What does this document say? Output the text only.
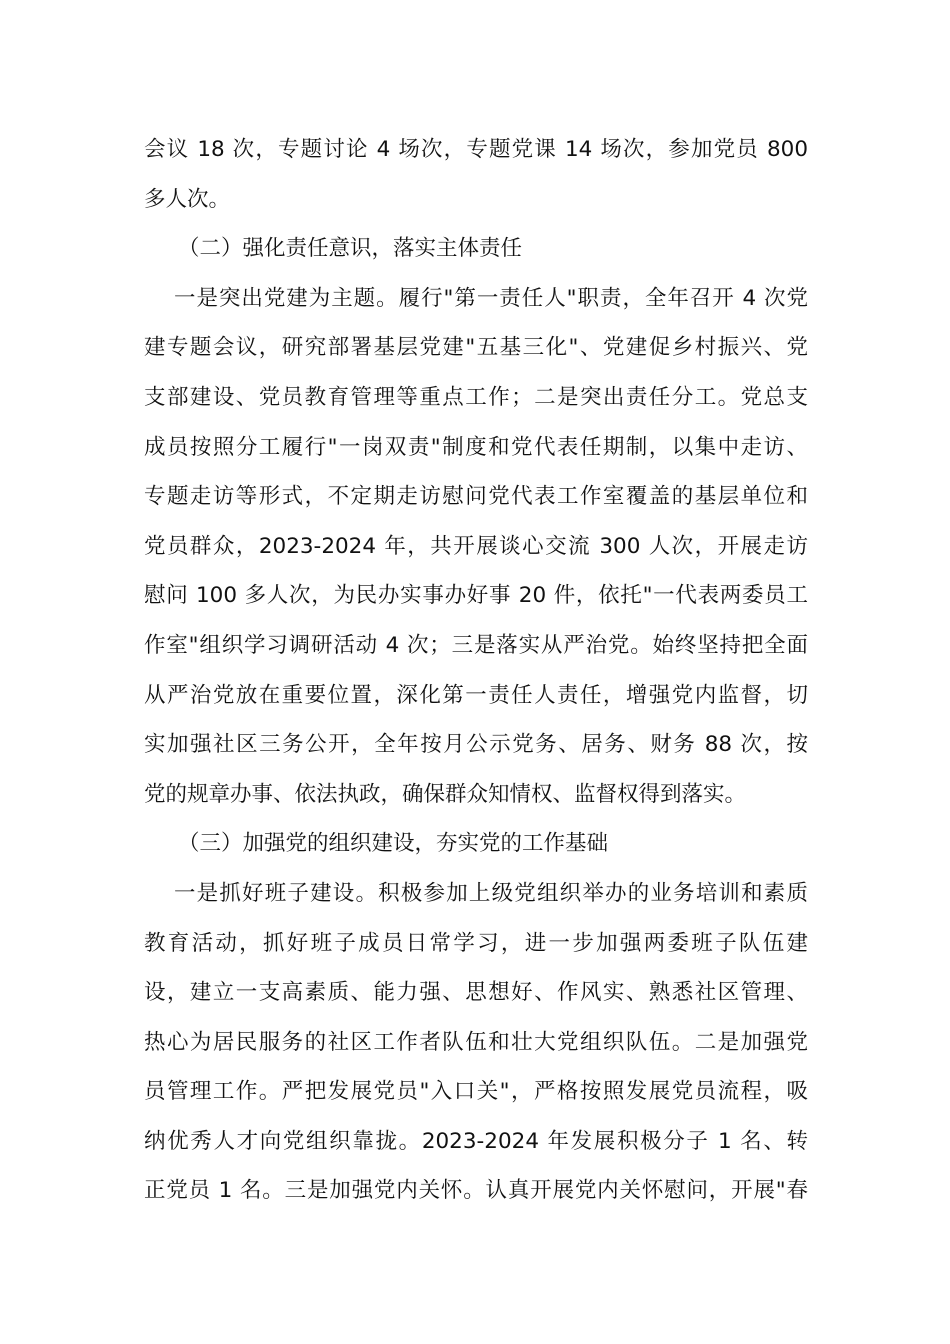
会议 18 次，专题讨论 4 场次，专题党课 14 场次，参加党员 800
多人次。
（二）强化责任意识，落实主体责任
一是突出党建为主题。履行"第一责任人"职责，全年召开 4 次党
建专题会议，研究部署基层党建"五基三化"、党建促乡村振兴、党
支部建设、党员教育管理等重点工作；二是突出责任分工。党总支
成员按照分工履行"一岗双责"制度和党代表任期制，以集中走访、
专题走访等形式，不定期走访慰问党代表工作室覆盖的基层单位和
党员群众，2023-2024 年，共开展谈心交流 300 人次，开展走访
慰问 100 多人次，为民办实事办好事 20 件，依托"一代表两委员工
作室"组织学习调研活动 4 次；三是落实从严治党。始终坚持把全面
从严治党放在重要位置，深化第一责任人责任，增强党内监督，切
实加强社区三务公开，全年按月公示党务、居务、财务 88 次，按
党的规章办事、依法执政，确保群众知情权、监督权得到落实。
（三）加强党的组织建设，夯实党的工作基础
一是抓好班子建设。积极参加上级党组织举办的业务培训和素质
教育活动，抓好班子成员日常学习，进一步加强两委班子队伍建
设，建立一支高素质、能力强、思想好、作风实、熟悉社区管理、
热心为居民服务的社区工作者队伍和壮大党组织队伍。二是加强党
员管理工作。严把发展党员"入口关"，严格按照发展党员流程，吸
纳优秀人才向党组织靠拢。2023-2024 年发展积极分子 1 名、转
正党员 1 名。三是加强党内关怀。认真开展党内关怀慰问，开展"春
